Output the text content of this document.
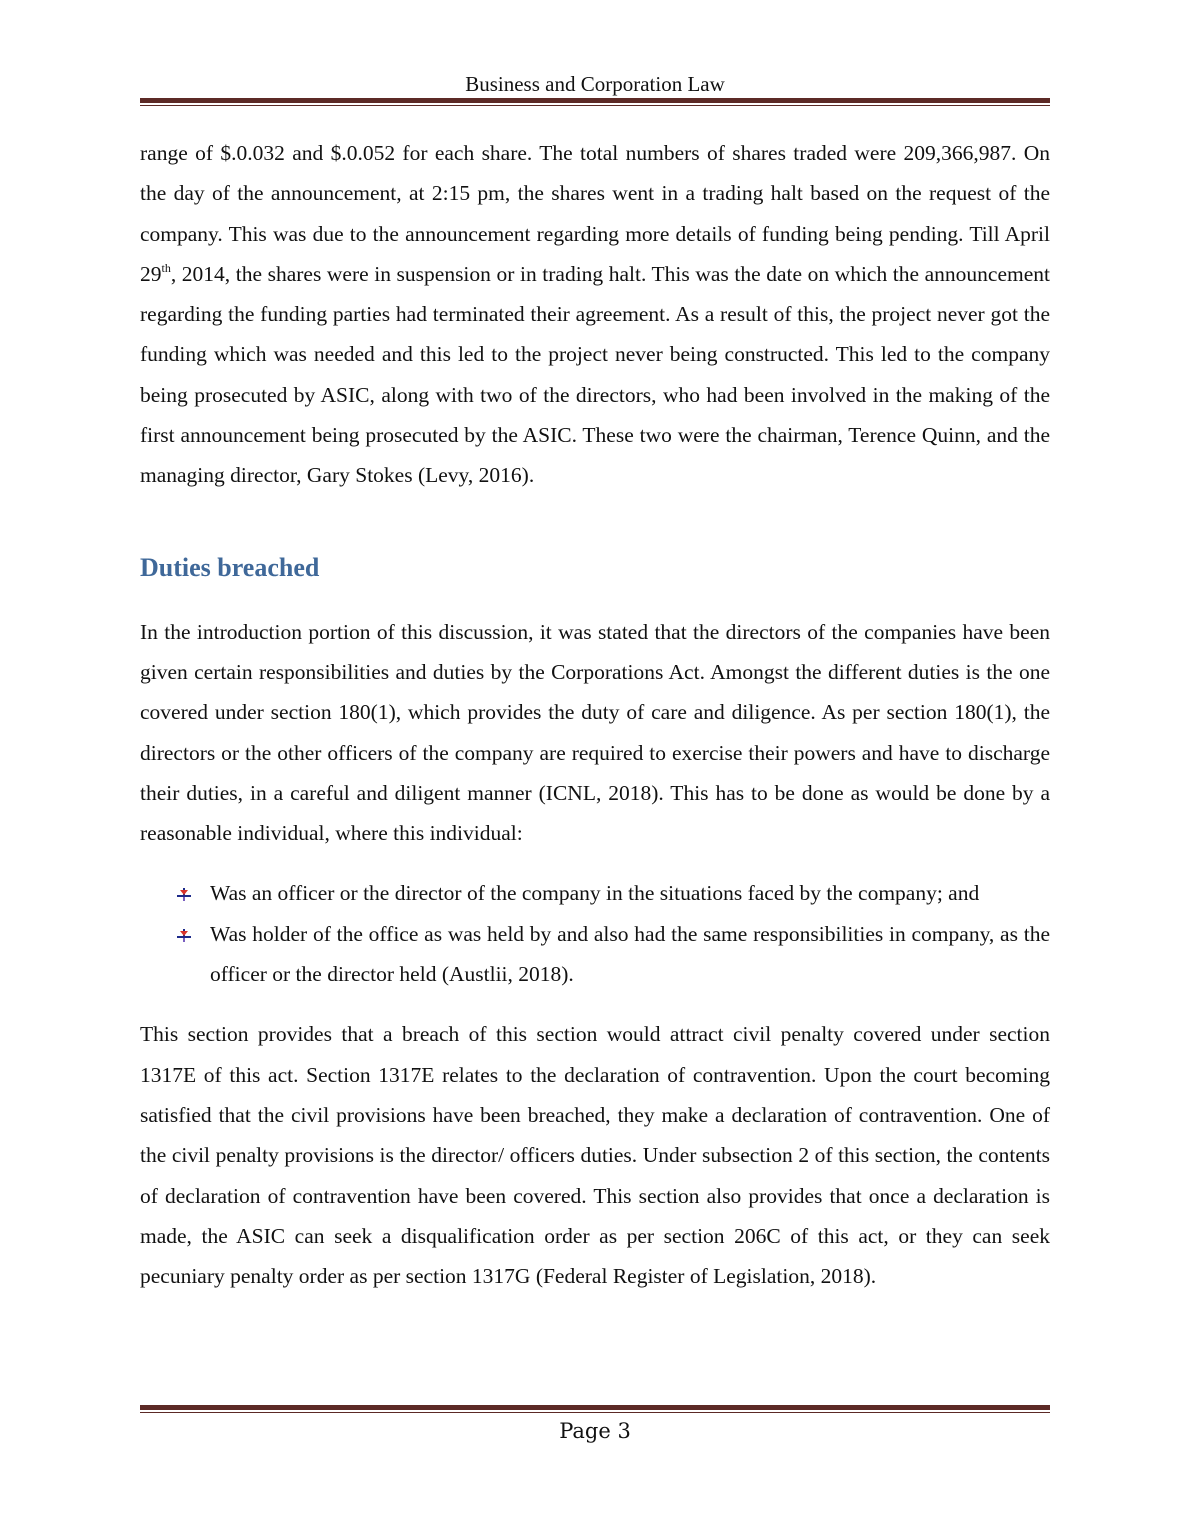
Business and Corporation Law

range of $.0.032 and $.0.052 for each share. The total numbers of shares traded were 209,366,987. On the day of the announcement, at 2:15 pm, the shares went in a trading halt based on the request of the company. This was due to the announcement regarding more details of funding being pending. Till April 29th, 2014, the shares were in suspension or in trading halt. This was the date on which the announcement regarding the funding parties had terminated their agreement. As a result of this, the project never got the funding which was needed and this led to the project never being constructed. This led to the company being prosecuted by ASIC, along with two of the directors, who had been involved in the making of the first announcement being prosecuted by the ASIC. These two were the chairman, Terence Quinn, and the managing director, Gary Stokes (Levy, 2016).

Duties breached

In the introduction portion of this discussion, it was stated that the directors of the companies have been given certain responsibilities and duties by the Corporations Act. Amongst the different duties is the one covered under section 180(1), which provides the duty of care and diligence. As per section 180(1), the directors or the other officers of the company are required to exercise their powers and have to discharge their duties, in a careful and diligent manner (ICNL, 2018). This has to be done as would be done by a reasonable individual, where this individual:

Was an officer or the director of the company in the situations faced by the company; and
Was holder of the office as was held by and also had the same responsibilities in company, as the officer or the director held (Austlii, 2018).

This section provides that a breach of this section would attract civil penalty covered under section 1317E of this act. Section 1317E relates to the declaration of contravention. Upon the court becoming satisfied that the civil provisions have been breached, they make a declaration of contravention. One of the civil penalty provisions is the director/ officers duties. Under subsection 2 of this section, the contents of declaration of contravention have been covered. This section also provides that once a declaration is made, the ASIC can seek a disqualification order as per section 206C of this act, or they can seek pecuniary penalty order as per section 1317G (Federal Register of Legislation, 2018).

Page 3
